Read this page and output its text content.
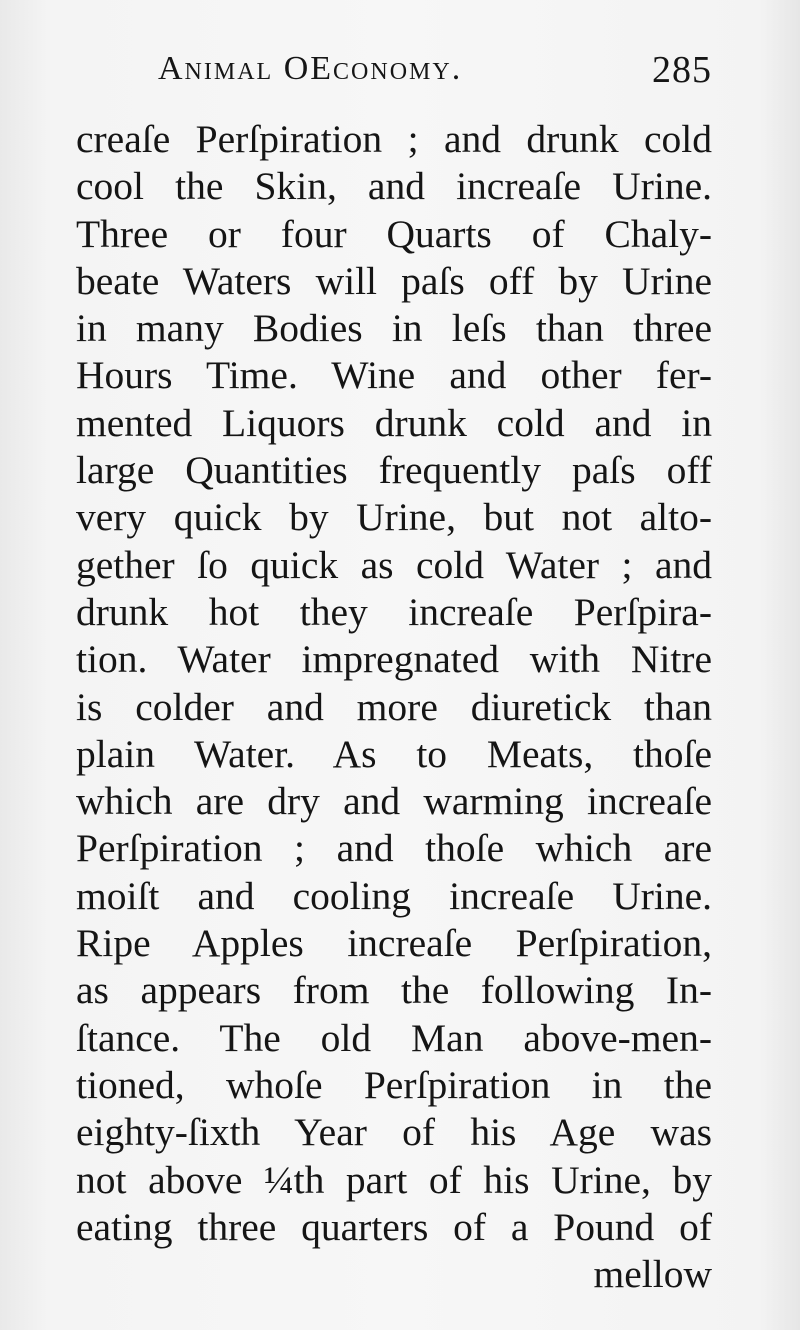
Animal OEconomy.	285
creaſe Perſpiration ; and drunk cold
cool the Skin, and increaſe Urine.
Three or four Quarts of Chaly-
beate Waters will paſs off by Urine
in many Bodies in leſs than three
Hours Time. Wine and other fer-
mented Liquors drunk cold and in
large Quantities frequently paſs off
very quick by Urine, but not alto-
gether ſo quick as cold Water ; and
drunk hot they increaſe Perſpira-
tion. Water impregnated with Nitre
is colder and more diuretick than
plain Water. As to Meats, thoſe
which are dry and warming increaſe
Perſpiration ; and thoſe which are
moiſt and cooling increaſe Urine.
Ripe Apples increaſe Perſpiration,
as appears from the following In-
ſtance. The old Man above-men-
tioned, whoſe Perſpiration in the
eighty-ſixth Year of his Age was
not above ¼th part of his Urine, by
eating three quarters of a Pound of
mellow
